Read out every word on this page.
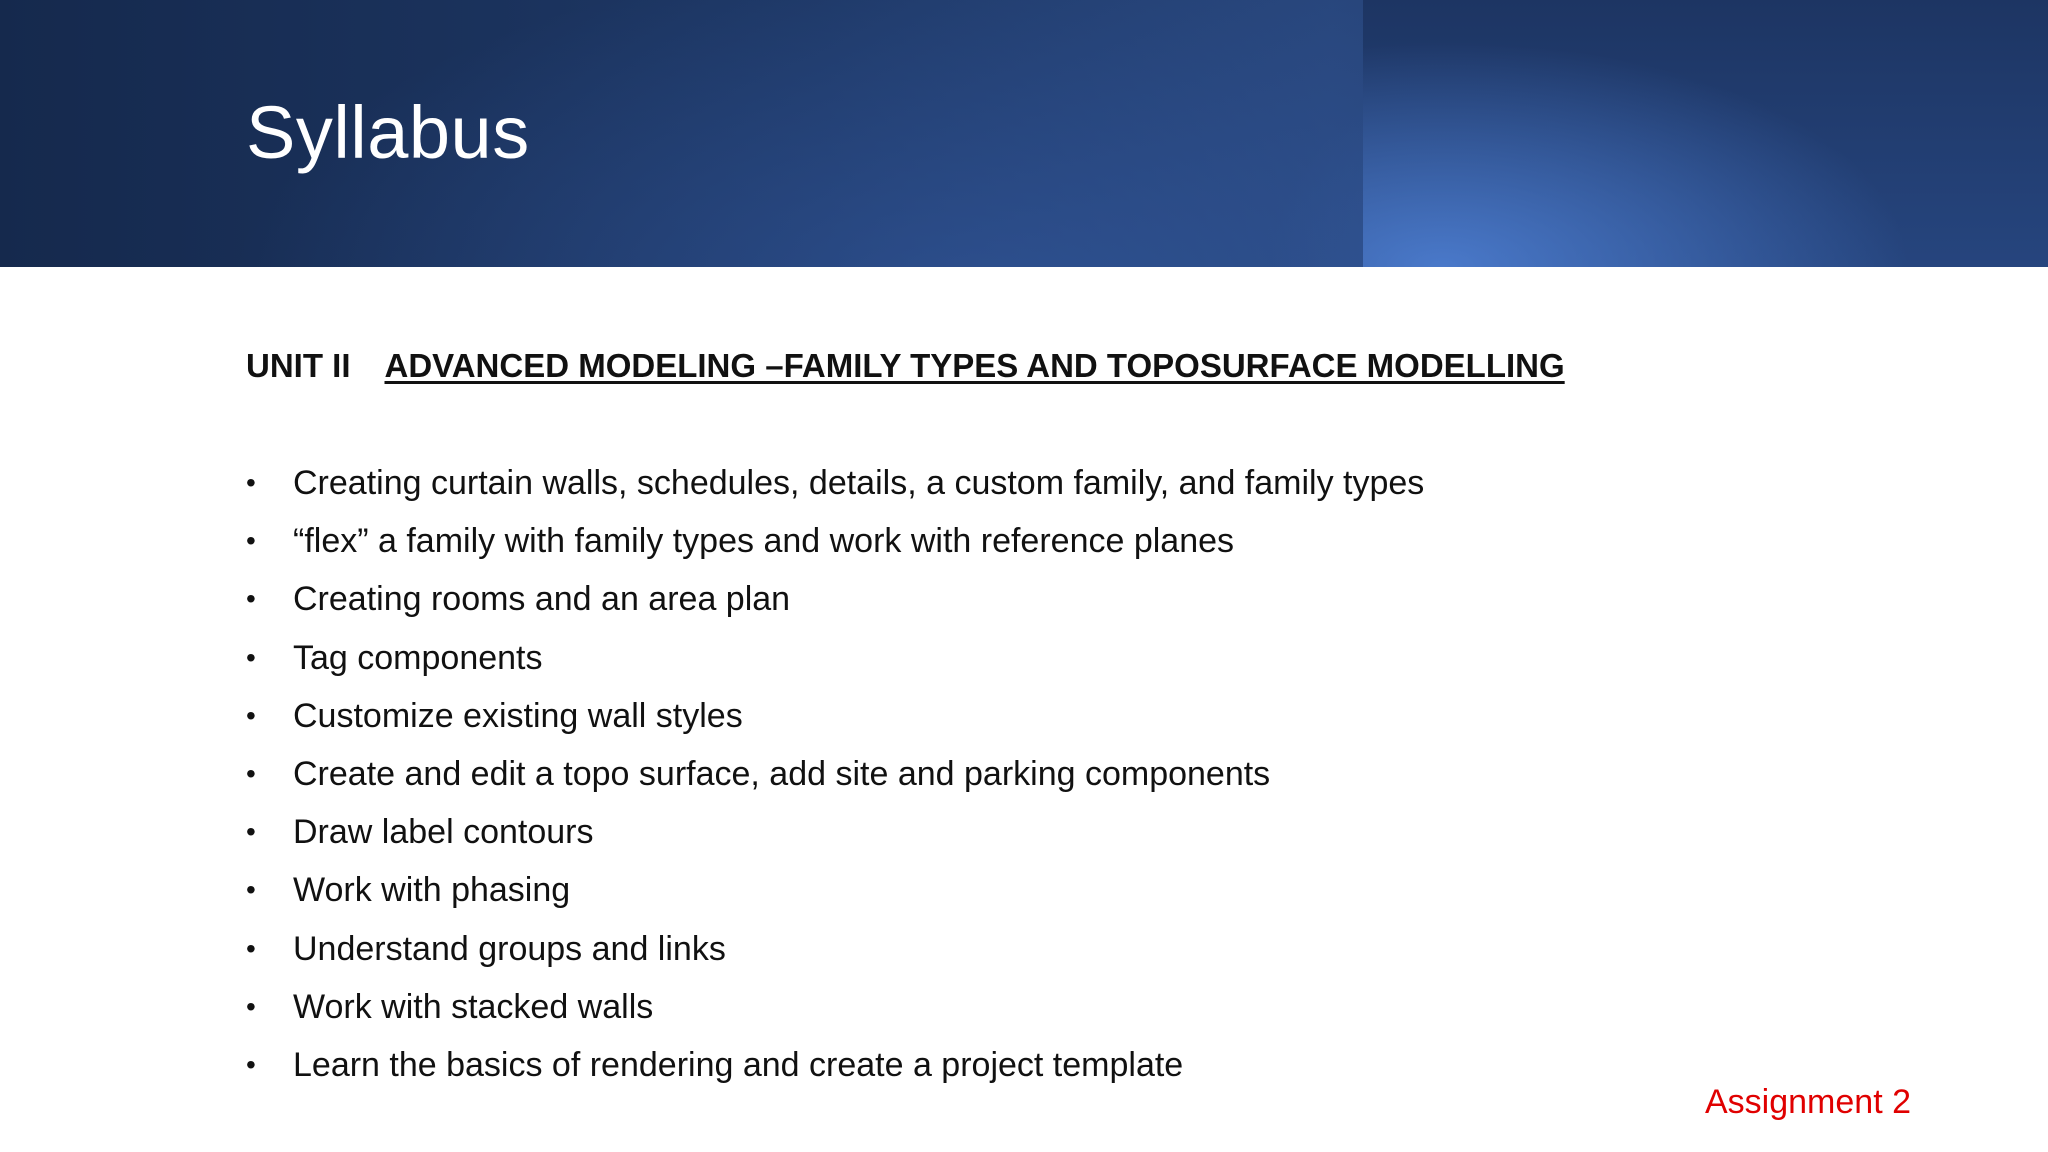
Syllabus
UNIT II ADVANCED MODELING –FAMILY TYPES AND TOPOSURFACE MODELLING
• Creating curtain walls, schedules, details, a custom family, and family types
• “flex” a family with family types and work with reference planes
• Creating rooms and an area plan
• Tag components
• Customize existing wall styles
• Create and edit a topo surface, add site and parking components
• Draw label contours
• Work with phasing
• Understand groups and links
• Work with stacked walls
• Learn the basics of rendering and create a project template
Assignment 2
